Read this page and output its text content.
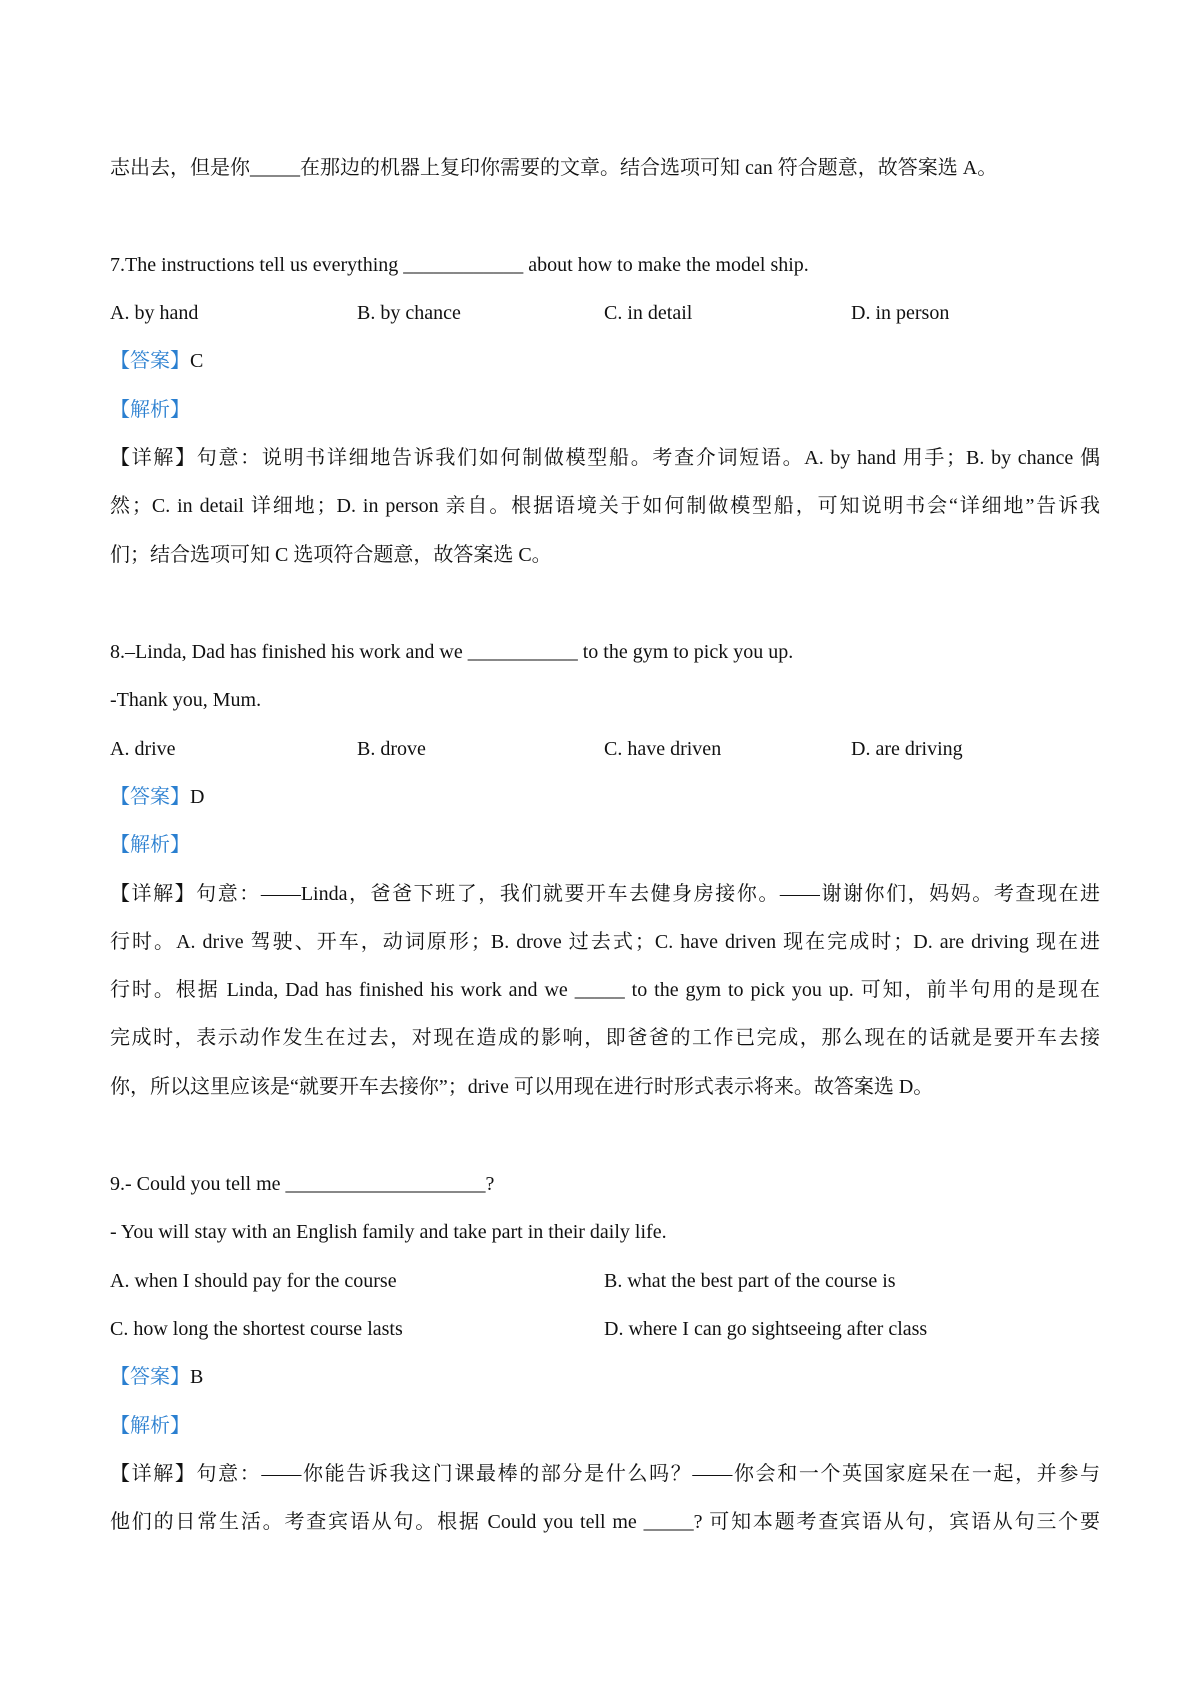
志出去，但是你_____在那边的机器上复印你需要的文章。结合选项可知 can 符合题意，故答案选 A。
7.The instructions tell us everything ____________ about how to make the model ship.
A. by hand	B. by chance	C. in detail	D. in person
【答案】C
【解析】
【详解】句意：说明书详细地告诉我们如何制做模型船。考查介词短语。A. by hand 用手；B. by chance 偶
然；C. in detail 详细地；D. in person 亲自。根据语境关于如何制做模型船，可知说明书会“详细地”告诉我
们；结合选项可知 C 选项符合题意，故答案选 C。
8.–Linda, Dad has finished his work and we ___________ to the gym to pick you up.
-Thank you, Mum.
A. drive	B. drove	C. have driven	D. are driving
【答案】D
【解析】
【详解】句意：——Linda，爸爸下班了，我们就要开车去健身房接你。——谢谢你们，妈妈。考查现在进
行时。A. drive 驾驶、开车，动词原形；B. drove 过去式；C. have driven 现在完成时；D. are driving 现在进
行时。根据 Linda, Dad has finished his work and we _____ to the gym to pick you up. 可知，前半句用的是现在
完成时，表示动作发生在过去，对现在造成的影响，即爸爸的工作已完成，那么现在的话就是要开车去接
你，所以这里应该是“就要开车去接你”；drive 可以用现在进行时形式表示将来。故答案选 D。
9.- Could you tell me ____________________?
- You will stay with an English family and take part in their daily life.
A. when I should pay for the course	B. what the best part of the course is
C. how long the shortest course lasts	D. where I can go sightseeing after class
【答案】B
【解析】
【详解】句意：——你能告诉我这门课最棒的部分是什么吗？——你会和一个英国家庭呆在一起，并参与
他们的日常生活。考查宾语从句。根据 Could you tell me _____? 可知本题考查宾语从句，宾语从句三个要
